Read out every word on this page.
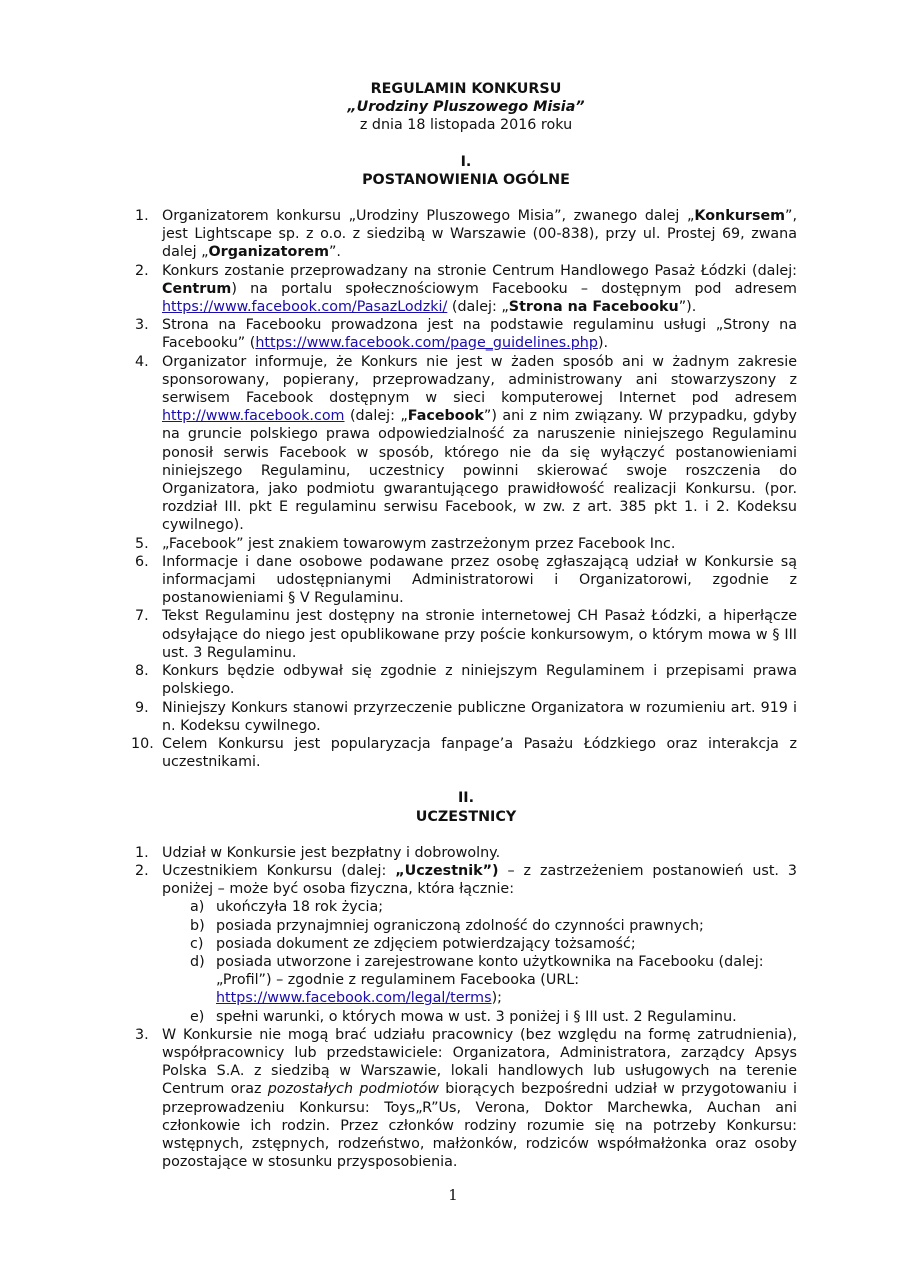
REGULAMIN KONKURSU
„Urodziny Pluszowego Misia”
z dnia 18 listopada 2016 roku
I.
POSTANOWIENIA OGÓLNE
1. Organizatorem konkursu „Urodziny Pluszowego Misia”, zwanego dalej „Konkursem”, jest Lightscape sp. z o.o. z siedzibą w Warszawie (00-838), przy ul. Prostej 69, zwana dalej „Organizatorem”.
2. Konkurs zostanie przeprowadzany na stronie Centrum Handlowego Pasaż Łódzki (dalej: Centrum) na portalu społecznościowym Facebooku – dostępnym pod adresem https://www.facebook.com/PasazLodzki/ (dalej: „Strona na Facebooku”).
3. Strona na Facebooku prowadzona jest na podstawie regulaminu usługi „Strony na Facebooku” (https://www.facebook.com/page_guidelines.php).
4. Organizator informuje, że Konkurs nie jest w żaden sposób ani w żadnym zakresie sponsorowany, popierany, przeprowadzany, administrowany ani stowarzyszony z serwisem Facebook dostępnym w sieci komputerowej Internet pod adresem http://www.facebook.com (dalej: „Facebook”) ani z nim związany. W przypadku, gdyby na gruncie polskiego prawa odpowiedzialność za naruszenie niniejszego Regulaminu ponosił serwis Facebook w sposób, którego nie da się wyłączyć postanowieniami niniejszego Regulaminu, uczestnicy powinni skierować swoje roszczenia do Organizatora, jako podmiotu gwarantującego prawidłowość realizacji Konkursu. (por. rozdział III. pkt E regulaminu serwisu Facebook, w zw. z art. 385 pkt 1. i 2. Kodeksu cywilnego).
5. „Facebook” jest znakiem towarowym zastrzeżonym przez Facebook Inc.
6. Informacje i dane osobowe podawane przez osobę zgłaszającą udział w Konkursie są informacjami udostępnianymi Administratorowi i Organizatorowi, zgodnie z postanowieniami § V Regulaminu.
7. Tekst Regulaminu jest dostępny na stronie internetowej CH Pasaż Łódzki, a hiperłącze odsyłające do niego jest opublikowane przy poście konkursowym, o którym mowa w § III ust. 3 Regulaminu.
8. Konkurs będzie odbywał się zgodnie z niniejszym Regulaminem i przepisami prawa polskiego.
9. Niniejszy Konkurs stanowi przyrzeczenie publiczne Organizatora w rozumieniu art. 919 i n. Kodeksu cywilnego.
10. Celem Konkursu jest popularyzacja fanpage’a Pasażu Łódzkiego oraz interakcja z uczestnikami.
II.
UCZESTNICY
1. Udział w Konkursie jest bezpłatny i dobrowolny.
2. Uczestnikiem Konkursu (dalej: „Uczestnik”) – z zastrzeżeniem postanowień ust. 3 poniżej – może być osoba fizyczna, która łącznie:
a) ukończyła 18 rok życia;
b) posiada przynajmniej ograniczoną zdolność do czynności prawnych;
c) posiada dokument ze zdjęciem potwierdzający tożsamość;
d) posiada utworzone i zarejestrowane konto użytkownika na Facebooku (dalej: „Profil”) – zgodnie z regulaminem Facebooka (URL: https://www.facebook.com/legal/terms);
e) spełni warunki, o których mowa w ust. 3 poniżej i § III ust. 2 Regulaminu.
3. W Konkursie nie mogą brać udziału pracownicy (bez względu na formę zatrudnienia), współpracownicy lub przedstawiciele: Organizatora, Administratora, zarządcy Apsys Polska S.A. z siedzibą w Warszawie, lokali handlowych lub usługowych na terenie Centrum oraz pozostałych podmiotów biorących bezpośredni udział w przygotowaniu i przeprowadzeniu Konkursu: Toys„R”Us, Verona, Doktor Marchewka, Auchan ani członkowie ich rodzin. Przez członków rodziny rozumie się na potrzeby Konkursu: wstępnych, zstępnych, rodzeństwo, małżonków, rodziców współmałżonka oraz osoby pozostające w stosunku przysposobienia.
1
